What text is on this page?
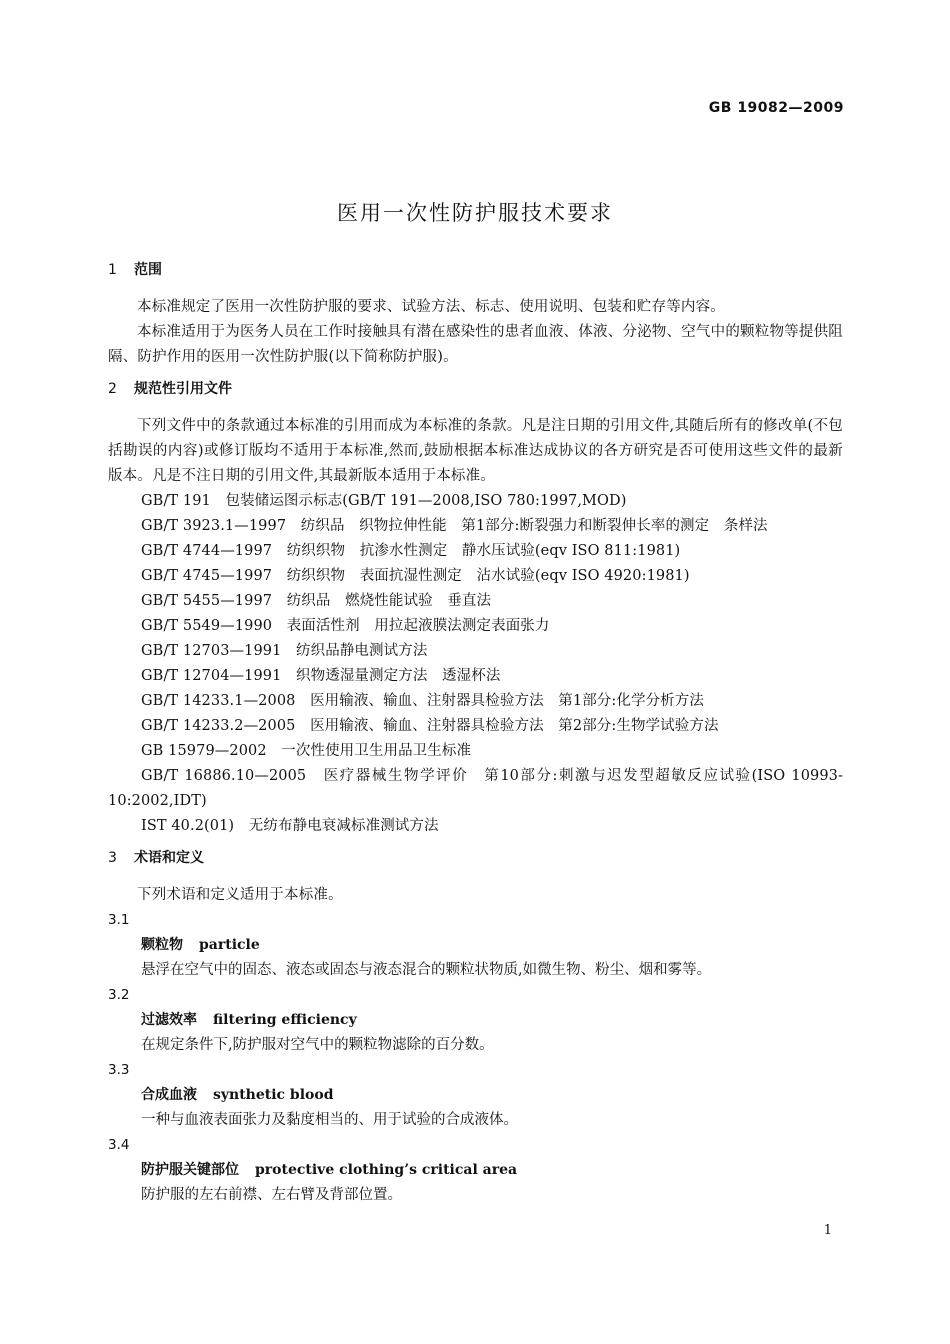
GB 19082—2009
医用一次性防护服技术要求
1 范围

本标准规定了医用一次性防护服的要求、试验方法、标志、使用说明、包装和贮存等内容。

本标准适用于为医务人员在工作时接触具有潜在感染性的患者血液、体液、分泌物、空气中的颗粒物等提供阻隔、防护作用的医用一次性防护服(以下简称防护服)。

2 规范性引用文件

下列文件中的条款通过本标准的引用而成为本标准的条款。凡是注日期的引用文件,其随后所有的修改单(不包括勘误的内容)或修订版均不适用于本标准,然而,鼓励根据本标准达成协议的各方研究是否可使用这些文件的最新版本。凡是不注日期的引用文件,其最新版本适用于本标准。

GB/T 191　包装储运图示标志(GB/T 191—2008,ISO 780:1997,MOD)

GB/T 3923.1—1997　纺织品　织物拉伸性能　第1部分:断裂强力和断裂伸长率的测定　条样法

GB/T 4744—1997　纺织织物　抗渗水性测定　静水压试验(eqv ISO 811:1981)

GB/T 4745—1997　纺织织物　表面抗湿性测定　沾水试验(eqv ISO 4920:1981)

GB/T 5455—1997　纺织品　燃烧性能试验　垂直法

GB/T 5549—1990　表面活性剂　用拉起液膜法测定表面张力

GB/T 12703—1991　纺织品静电测试方法

GB/T 12704—1991　织物透湿量测定方法　透湿杯法

GB/T 14233.1—2008　医用输液、输血、注射器具检验方法　第1部分:化学分析方法

GB/T 14233.2—2005　医用输液、输血、注射器具检验方法　第2部分:生物学试验方法

GB 15979—2002　一次性使用卫生用品卫生标准

GB/T 16886.10—2005　医疗器械生物学评价　第10部分:刺激与迟发型超敏反应试验(ISO 10993-10:2002,IDT)

IST 40.2(01)　无纺布静电衰减标准测试方法

3 术语和定义

下列术语和定义适用于本标准。

3.1

颗粒物 particle

悬浮在空气中的固态、液态或固态与液态混合的颗粒状物质,如微生物、粉尘、烟和雾等。

3.2

过滤效率 filtering efficiency

在规定条件下,防护服对空气中的颗粒物滤除的百分数。

3.3

合成血液 synthetic blood

一种与血液表面张力及黏度相当的、用于试验的合成液体。

3.4

防护服关键部位 protective clothing’s critical area

防护服的左右前襟、左右臂及背部位置。

1
